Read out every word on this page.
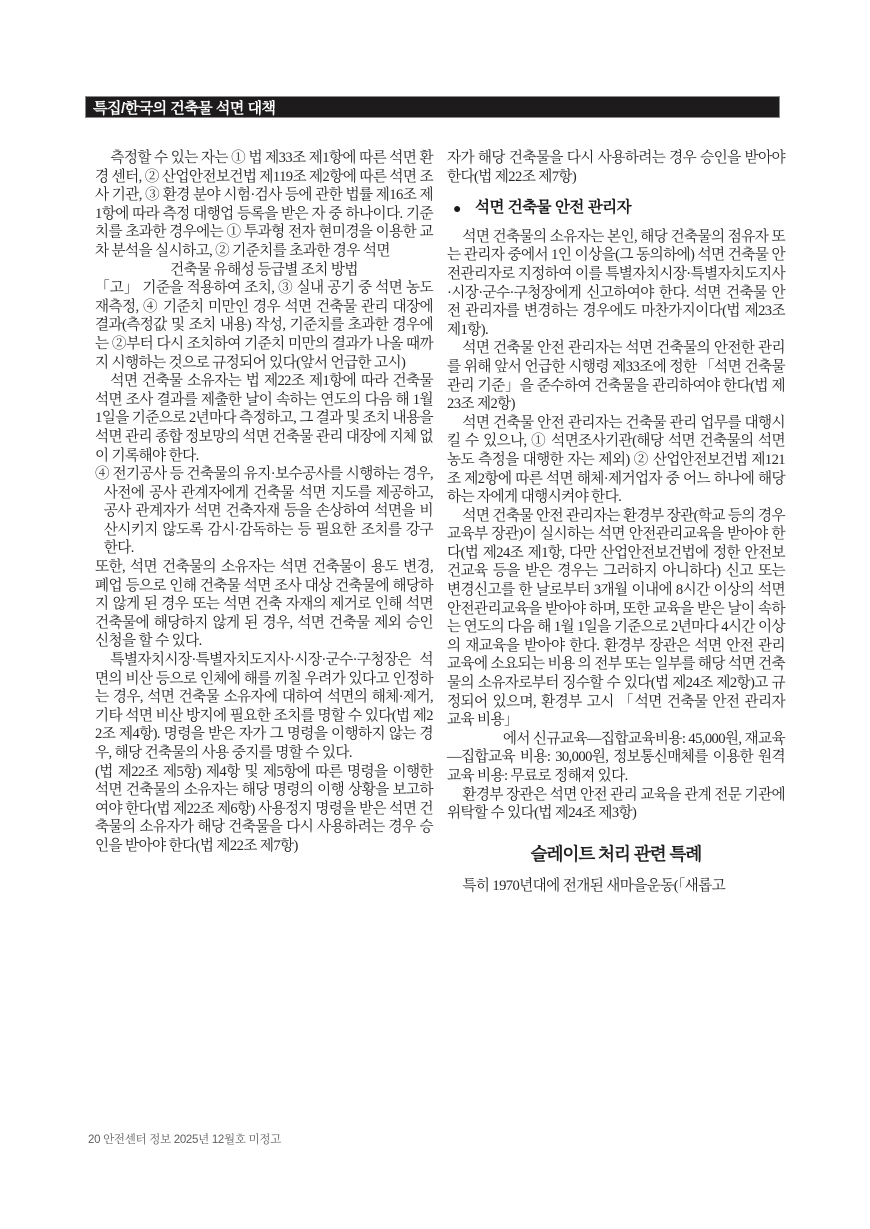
특집/한국의 건축물 석면 대책

측정할 수 있는 자는 ① 법 제33조 제1항에 따른 석면 환경 센터, ② 산업안전보건법 제119조 제2항에 따른 석면 조사 기관, ③ 환경 분야 시험·검사 등에 관한 법률 제16조 제1항에 따라 측정 대행업 등록을 받은 자 중 하나이다. 기준치를 초과한 경우에는 ① 투과형 전자 현미경을 이용한 교차 분석을 실시하고, ② 기준치를 초과한 경우 석면

건축물 유해성 등급별 조치 방법

「고」 기준을 적용하여 조치, ③ 실내 공기 중 석면 농도 재측정, ④ 기준치 미만인 경우 석면 건축물 관리 대장에 결과(측정값 및 조치 내용) 작성, 기준치를 초과한 경우에는 ②부터 다시 조치하여 기준치 미만의 결과가 나올 때까지 시행하는 것으로 규정되어 있다(앞서 언급한 고시)

석면 건축물 소유자는 법 제22조 제1항에 따라 건축물 석면 조사 결과를 제출한 날이 속하는 연도의 다음 해 1월 1일을 기준으로 2년마다 측정하고, 그 결과 및 조치 내용을 석면 관리 종합 정보망의 석면 건축물 관리 대장에 지체 없이 기록해야 한다.

④ 전기공사 등 건축물의 유지·보수공사를 시행하는 경우, 사전에 공사 관계자에게 건축물 석면 지도를 제공하고, 공사 관계자가 석면 건축자재 등을 손상하여 석면을 비산시키지 않도록 감시·감독하는 등 필요한 조치를 강구한다.

또한, 석면 건축물의 소유자는 석면 건축물이 용도 변경, 폐업 등으로 인해 건축물 석면 조사 대상 건축물에 해당하지 않게 된 경우 또는 석면 건축 자재의 제거로 인해 석면 건축물에 해당하지 않게 된 경우, 석면 건축물 제외 승인 신청을 할 수 있다.

특별자치시장·특별자치도지사·시장·군수·구청장은 석면의 비산 등으로 인체에 해를 끼칠 우려가 있다고 인정하는 경우, 석면 건축물 소유자에 대하여 석면의 해체·제거, 기타 석면 비산 방지에 필요한 조치를 명할 수 있다(법 제22조 제4항). 명령을 받은 자가 그 명령을 이행하지 않는 경우, 해당 건축물의 사용 중지를 명할 수 있다.

(법 제22조 제5항) 제4항 및 제5항에 따른 명령을 이행한 석면 건축물의 소유자는 해당 명령의 이행 상황을 보고하여야 한다(법 제22조 제6항) 사용정지 명령을 받은 석면 건축물의 소유자가 해당 건축물을 다시 사용하려는 경우 승인을 받아야 한다(법 제22조 제7항)

자가 해당 건축물을 다시 사용하려는 경우 승인을 받아야 한다(법 제22조 제7항)

● 석면 건축물 안전 관리자

석면 건축물의 소유자는 본인, 해당 건축물의 점유자 또는 관리자 중에서 1인 이상을(그 동의하에) 석면 건축물 안전관리자로 지정하여 이를 특별자치시장·특별자치도지사·시장·군수·구청장에게 신고하여야 한다. 석면 건축물 안전 관리자를 변경하는 경우에도 마찬가지이다(법 제23조 제1항).

석면 건축물 안전 관리자는 석면 건축물의 안전한 관리를 위해 앞서 언급한 시행령 제33조에 정한 「석면 건축물 관리 기준」을 준수하여 건축물을 관리하여야 한다(법 제23조 제2항)

석면 건축물 안전 관리자는 건축물 관리 업무를 대행시킬 수 있으나, ① 석면조사기관(해당 석면 건축물의 석면 농도 측정을 대행한 자는 제외) ② 산업안전보건법 제121조 제2항에 따른 석면 해체·제거업자 중 어느 하나에 해당하는 자에게 대행시켜야 한다.

석면 건축물 안전 관리자는 환경부 장관(학교 등의 경우 교육부 장관)이 실시하는 석면 안전관리교육을 받아야 한다(법 제24조 제1항, 다만 산업안전보건법에 정한 안전보건교육 등을 받은 경우는 그러하지 아니하다) 신고 또는 변경신고를 한 날로부터 3개월 이내에 8시간 이상의 석면안전관리교육을 받아야 하며, 또한 교육을 받은 날이 속하는 연도의 다음 해 1월 1일을 기준으로 2년마다 4시간 이상의 재교육을 받아야 한다. 환경부 장관은 석면 안전 관리 교육에 소요되는 비용 의 전부 또는 일부를 해당 석면 건축물의 소유자로부터 징수할 수 있다(법 제24조 제2항)고 규정되어 있으며, 환경부 고시 「석면 건축물 안전 관리자 교육 비용」

에서 신규교육—집합교육비용: 45,000원, 재교육

—집합교육 비용: 30,000원, 정보통신매체를 이용한 원격교육 비용: 무료로 정해져 있다.

환경부 장관은 석면 안전 관리 교육을 관계 전문 기관에 위탁할 수 있다(법 제24조 제3항)

슬레이트 처리 관련 특례

특히 1970년대에 전개된 새마을운동(「새롭고

20 안전센터 정보 2025년 12월호 미정고
